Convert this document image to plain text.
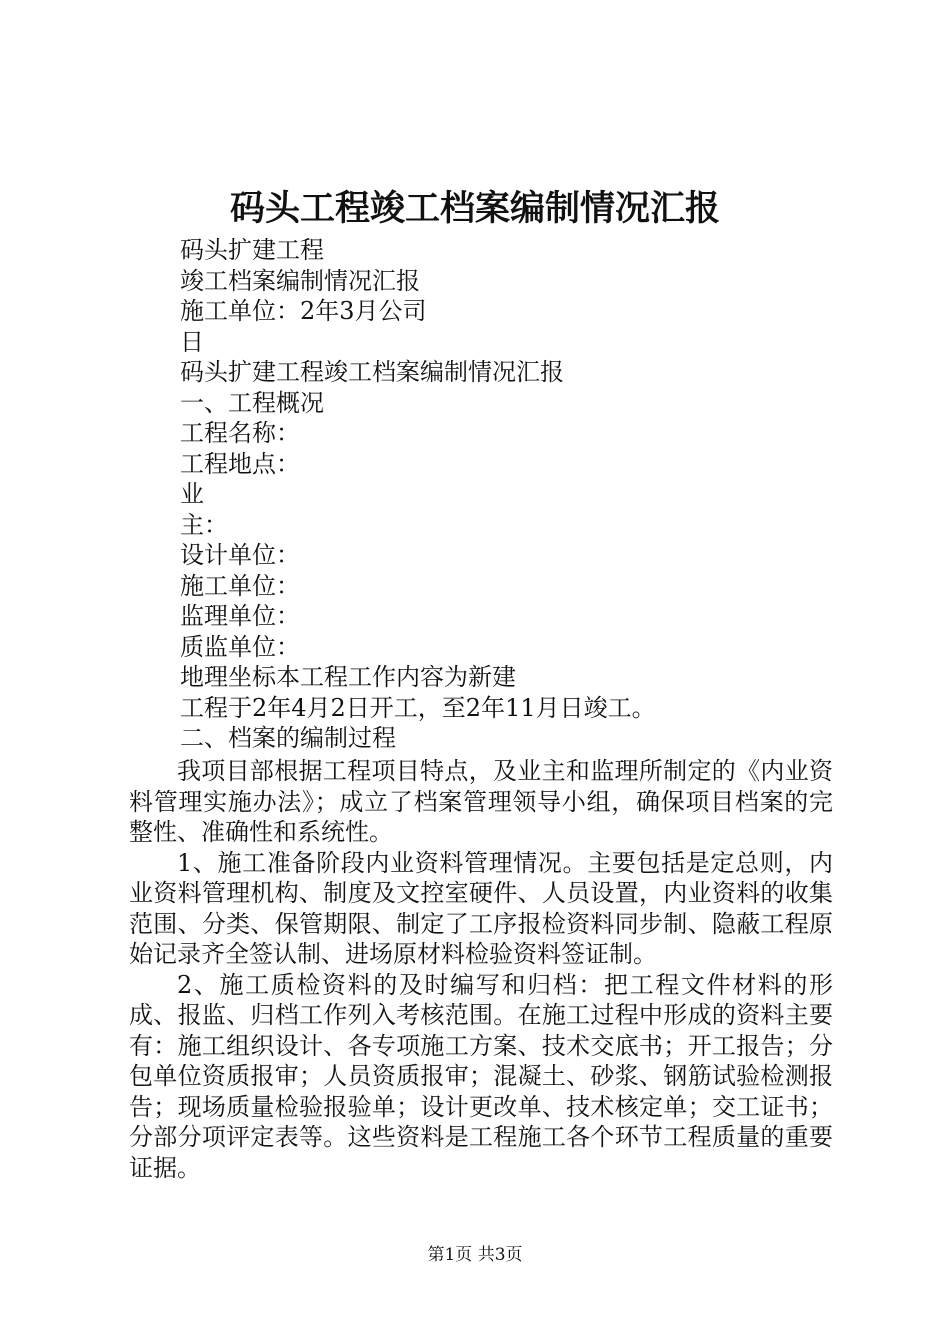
码头工程竣工档案编制情况汇报
码头扩建工程
竣工档案编制情况汇报
施工单位：2年3月公司
日
码头扩建工程竣工档案编制情况汇报
一、工程概况
工程名称：
工程地点：
业
主：
设计单位：
施工单位：
监理单位：
质监单位：
地理坐标本工程工作内容为新建
工程于2年4月2日开工，至2年11月日竣工。
二、档案的编制过程

我项目部根据工程项目特点，及业主和监理所制定的《内业资料管理实施办法》；成立了档案管理领导小组，确保项目档案的完整性、准确性和系统性。

1、施工准备阶段内业资料管理情况。主要包括是定总则，内业资料管理机构、制度及文控室硬件、人员设置，内业资料的收集范围、分类、保管期限、制定了工序报检资料同步制、隐蔽工程原始记录齐全签认制、进场原材料检验资料签证制。

2、施工质检资料的及时编写和归档：把工程文件材料的形成、报监、归档工作列入考核范围。在施工过程中形成的资料主要有：施工组织设计、各专项施工方案、技术交底书；开工报告；分包单位资质报审；人员资质报审；混凝土、砂浆、钢筋试验检测报告；现场质量检验报验单；设计更改单、技术核定单；交工证书；分部分项评定表等。这些资料是工程施工各个环节工程质量的重要证据。

第1页 共3页
